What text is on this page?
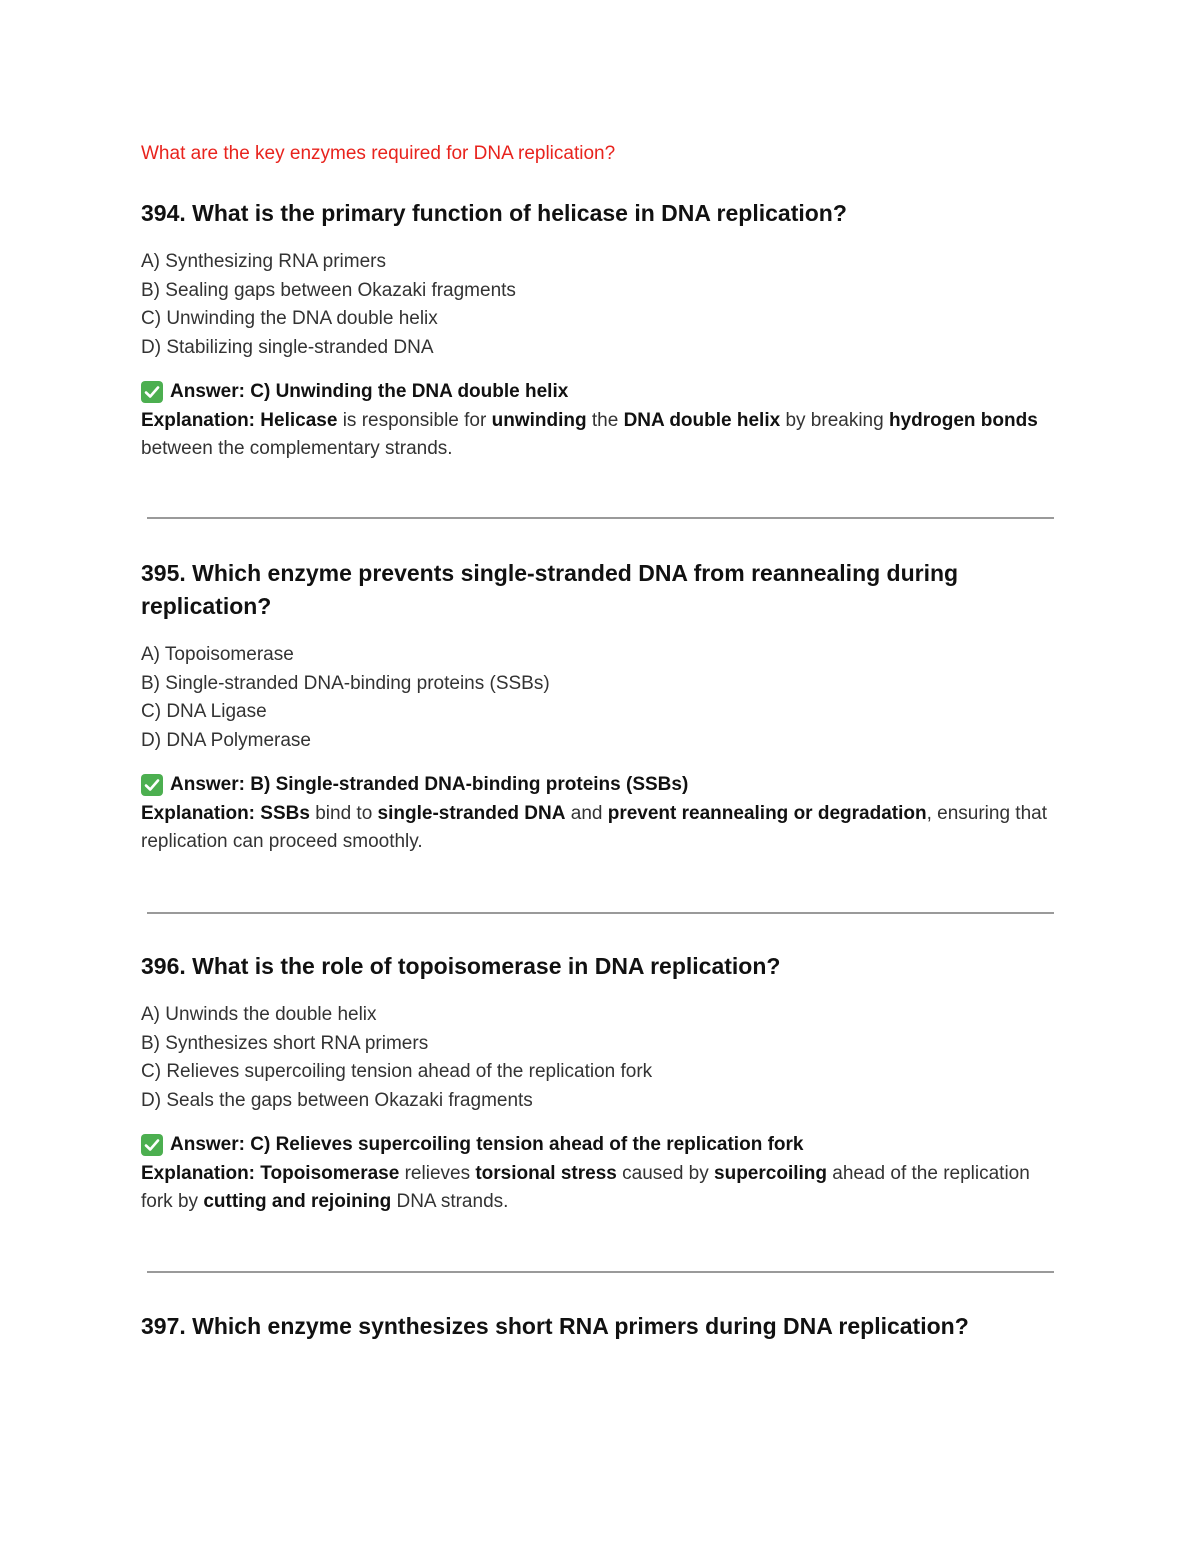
What are the key enzymes required for DNA replication?
394. What is the primary function of helicase in DNA replication?
A) Synthesizing RNA primers
B) Sealing gaps between Okazaki fragments
C) Unwinding the DNA double helix
D) Stabilizing single-stranded DNA
Answer: C) Unwinding the DNA double helix
Explanation: Helicase is responsible for unwinding the DNA double helix by breaking hydrogen bonds between the complementary strands.
395. Which enzyme prevents single-stranded DNA from reannealing during replication?
A) Topoisomerase
B) Single-stranded DNA-binding proteins (SSBs)
C) DNA Ligase
D) DNA Polymerase
Answer: B) Single-stranded DNA-binding proteins (SSBs)
Explanation: SSBs bind to single-stranded DNA and prevent reannealing or degradation, ensuring that replication can proceed smoothly.
396. What is the role of topoisomerase in DNA replication?
A) Unwinds the double helix
B) Synthesizes short RNA primers
C) Relieves supercoiling tension ahead of the replication fork
D) Seals the gaps between Okazaki fragments
Answer: C) Relieves supercoiling tension ahead of the replication fork
Explanation: Topoisomerase relieves torsional stress caused by supercoiling ahead of the replication fork by cutting and rejoining DNA strands.
397. Which enzyme synthesizes short RNA primers during DNA replication?
